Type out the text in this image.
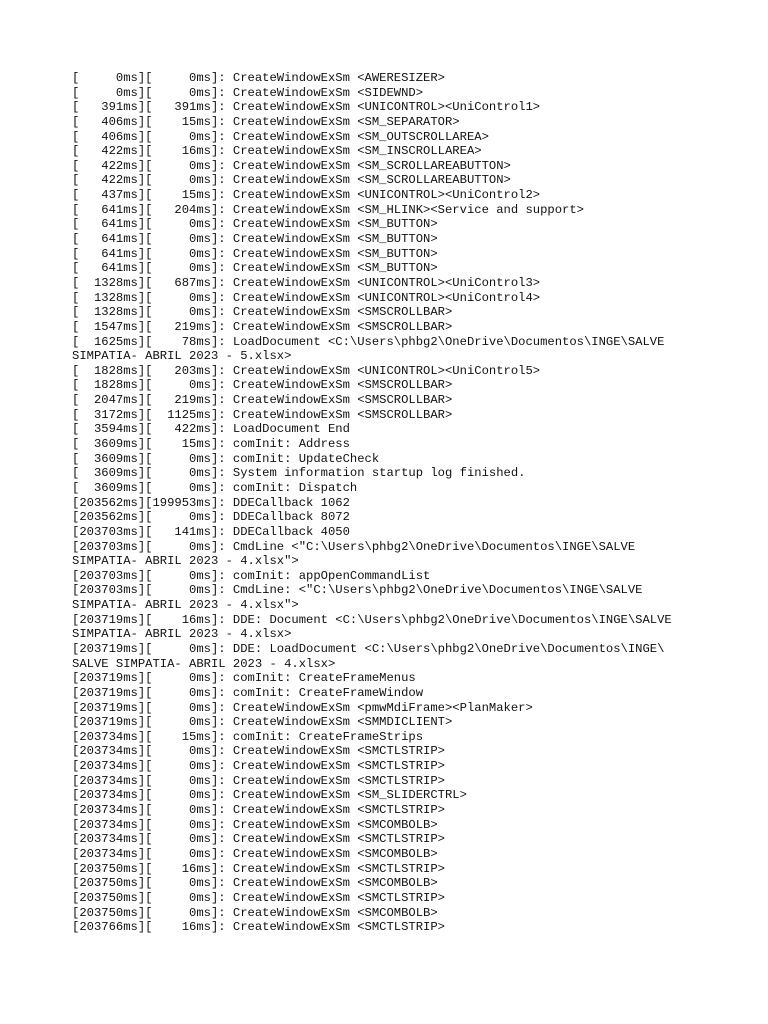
[     0ms][     0ms]: CreateWindowExSm <AWERESIZER>
[     0ms][     0ms]: CreateWindowExSm <SIDEWND>
[   391ms][   391ms]: CreateWindowExSm <UNICONTROL><UniControl1>
[   406ms][    15ms]: CreateWindowExSm <SM_SEPARATOR>
[   406ms][     0ms]: CreateWindowExSm <SM_OUTSCROLLAREA>
[   422ms][    16ms]: CreateWindowExSm <SM_INSCROLLAREA>
[   422ms][     0ms]: CreateWindowExSm <SM_SCROLLAREABUTTON>
[   422ms][     0ms]: CreateWindowExSm <SM_SCROLLAREABUTTON>
[   437ms][    15ms]: CreateWindowExSm <UNICONTROL><UniControl2>
[   641ms][   204ms]: CreateWindowExSm <SM_HLINK><Service and support>
[   641ms][     0ms]: CreateWindowExSm <SM_BUTTON>
[   641ms][     0ms]: CreateWindowExSm <SM_BUTTON>
[   641ms][     0ms]: CreateWindowExSm <SM_BUTTON>
[   641ms][     0ms]: CreateWindowExSm <SM_BUTTON>
[  1328ms][   687ms]: CreateWindowExSm <UNICONTROL><UniControl3>
[  1328ms][     0ms]: CreateWindowExSm <UNICONTROL><UniControl4>
[  1328ms][     0ms]: CreateWindowExSm <SMSCROLLBAR>
[  1547ms][   219ms]: CreateWindowExSm <SMSCROLLBAR>
[  1625ms][    78ms]: LoadDocument <C:\Users\phbg2\OneDrive\Documentos\INGE\SALVE
SIMPATIA- ABRIL 2023 - 5.xlsx>
[  1828ms][   203ms]: CreateWindowExSm <UNICONTROL><UniControl5>
[  1828ms][     0ms]: CreateWindowExSm <SMSCROLLBAR>
[  2047ms][   219ms]: CreateWindowExSm <SMSCROLLBAR>
[  3172ms][  1125ms]: CreateWindowExSm <SMSCROLLBAR>
[  3594ms][   422ms]: LoadDocument End
[  3609ms][    15ms]: comInit: Address
[  3609ms][     0ms]: comInit: UpdateCheck
[  3609ms][     0ms]: System information startup log finished.
[  3609ms][     0ms]: comInit: Dispatch
[203562ms][199953ms]: DDECallback 1062
[203562ms][     0ms]: DDECallback 8072
[203703ms][   141ms]: DDECallback 4050
[203703ms][     0ms]: CmdLine <"C:\Users\phbg2\OneDrive\Documentos\INGE\SALVE
SIMPATIA- ABRIL 2023 - 4.xlsx">
[203703ms][     0ms]: comInit: appOpenCommandList
[203703ms][     0ms]: CmdLine: <"C:\Users\phbg2\OneDrive\Documentos\INGE\SALVE
SIMPATIA- ABRIL 2023 - 4.xlsx">
[203719ms][    16ms]: DDE: Document <C:\Users\phbg2\OneDrive\Documentos\INGE\SALVE
SIMPATIA- ABRIL 2023 - 4.xlsx>
[203719ms][     0ms]: DDE: LoadDocument <C:\Users\phbg2\OneDrive\Documentos\INGE\
SALVE SIMPATIA- ABRIL 2023 - 4.xlsx>
[203719ms][     0ms]: comInit: CreateFrameMenus
[203719ms][     0ms]: comInit: CreateFrameWindow
[203719ms][     0ms]: CreateWindowExSm <pmwMdiFrame><PlanMaker>
[203719ms][     0ms]: CreateWindowExSm <SMMDICLIENT>
[203734ms][    15ms]: comInit: CreateFrameStrips
[203734ms][     0ms]: CreateWindowExSm <SMCTLSTRIP>
[203734ms][     0ms]: CreateWindowExSm <SMCTLSTRIP>
[203734ms][     0ms]: CreateWindowExSm <SMCTLSTRIP>
[203734ms][     0ms]: CreateWindowExSm <SM_SLIDERCTRL>
[203734ms][     0ms]: CreateWindowExSm <SMCTLSTRIP>
[203734ms][     0ms]: CreateWindowExSm <SMCOMBOLB>
[203734ms][     0ms]: CreateWindowExSm <SMCTLSTRIP>
[203734ms][     0ms]: CreateWindowExSm <SMCOMBOLB>
[203750ms][    16ms]: CreateWindowExSm <SMCTLSTRIP>
[203750ms][     0ms]: CreateWindowExSm <SMCOMBOLB>
[203750ms][     0ms]: CreateWindowExSm <SMCTLSTRIP>
[203750ms][     0ms]: CreateWindowExSm <SMCOMBOLB>
[203766ms][    16ms]: CreateWindowExSm <SMCTLSTRIP>
